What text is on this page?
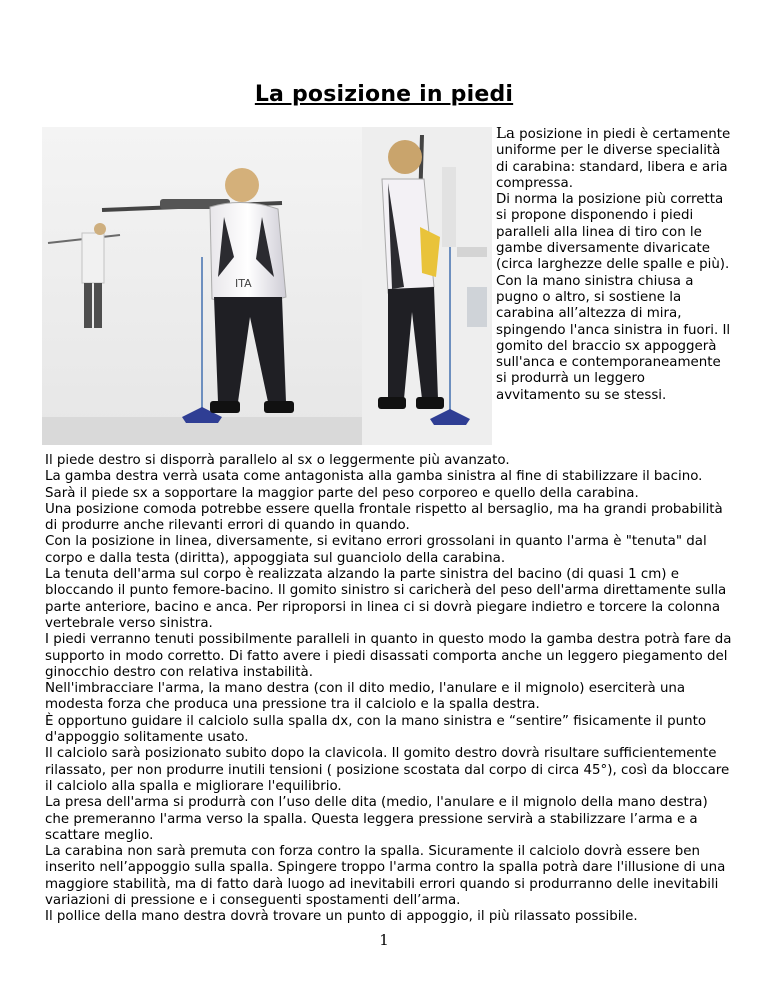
La posizione in piedi
ITA
La posizione in piedi è certamente uniforme per le diverse specialità di carabina: standard, libera e aria compressa.
Di norma la posizione più corretta si propone disponendo i piedi paralleli alla linea di tiro con le gambe diversamente divaricate (circa larghezze delle spalle e più). Con la mano sinistra chiusa a pugno o altro, si sostiene la carabina all’altezza di mira, spingendo l'anca sinistra in fuori. Il gomito del braccio sx appoggerà sull'anca e contemporaneamente si produrrà un leggero avvitamento su se stessi.

Il piede destro si disporrà parallelo al sx o leggermente più avanzato.

La gamba destra verrà usata come antagonista alla gamba sinistra al fine di stabilizzare il bacino.

Sarà il piede sx a sopportare la maggior parte del peso corporeo e quello della carabina.

Una posizione comoda potrebbe essere quella frontale rispetto al bersaglio, ma ha grandi probabilità di produrre anche rilevanti errori di quando in quando.

Con la posizione in linea, diversamente, si evitano errori grossolani in quanto l'arma è "tenuta" dal corpo e dalla testa (diritta), appoggiata sul guanciolo della carabina.

La tenuta dell'arma sul corpo è realizzata alzando la parte sinistra del bacino (di quasi 1 cm) e bloccando il punto femore-bacino. Il gomito sinistro si caricherà del peso dell'arma direttamente sulla parte anteriore, bacino e anca. Per riproporsi in linea ci si dovrà piegare indietro e torcere la colonna vertebrale verso sinistra.

I piedi verranno tenuti possibilmente paralleli in quanto in questo modo la gamba destra potrà fare da supporto in modo corretto. Di fatto avere i piedi disassati comporta anche un leggero piegamento del ginocchio destro con relativa instabilità.

Nell'imbracciare l'arma, la mano destra (con il dito medio, l'anulare e il mignolo) eserciterà una modesta forza che produca una pressione tra il calciolo e la spalla destra.

È opportuno guidare il calciolo sulla spalla dx, con la mano sinistra e “sentire” fisicamente il punto d'appoggio solitamente usato.

Il calciolo sarà posizionato subito dopo la clavicola. Il gomito destro dovrà risultare sufficientemente rilassato, per non produrre inutili tensioni ( posizione scostata dal corpo di circa 45°), così da bloccare il calciolo alla spalla e migliorare l'equilibrio.

La presa dell'arma si produrrà con l’uso delle dita (medio, l'anulare e il mignolo della mano destra) che premeranno l'arma verso la spalla. Questa leggera pressione servirà a stabilizzare l’arma e a scattare meglio.

La carabina non sarà premuta con forza contro la spalla. Sicuramente il calciolo dovrà essere ben inserito nell’appoggio sulla spalla. Spingere troppo l'arma contro la spalla potrà dare l'illusione di una maggiore stabilità, ma di fatto darà luogo ad inevitabili errori quando si produrranno delle inevitabili variazioni di pressione e i conseguenti spostamenti dell’arma.

Il pollice della mano destra dovrà trovare un punto di appoggio, il più rilassato possibile.

1
